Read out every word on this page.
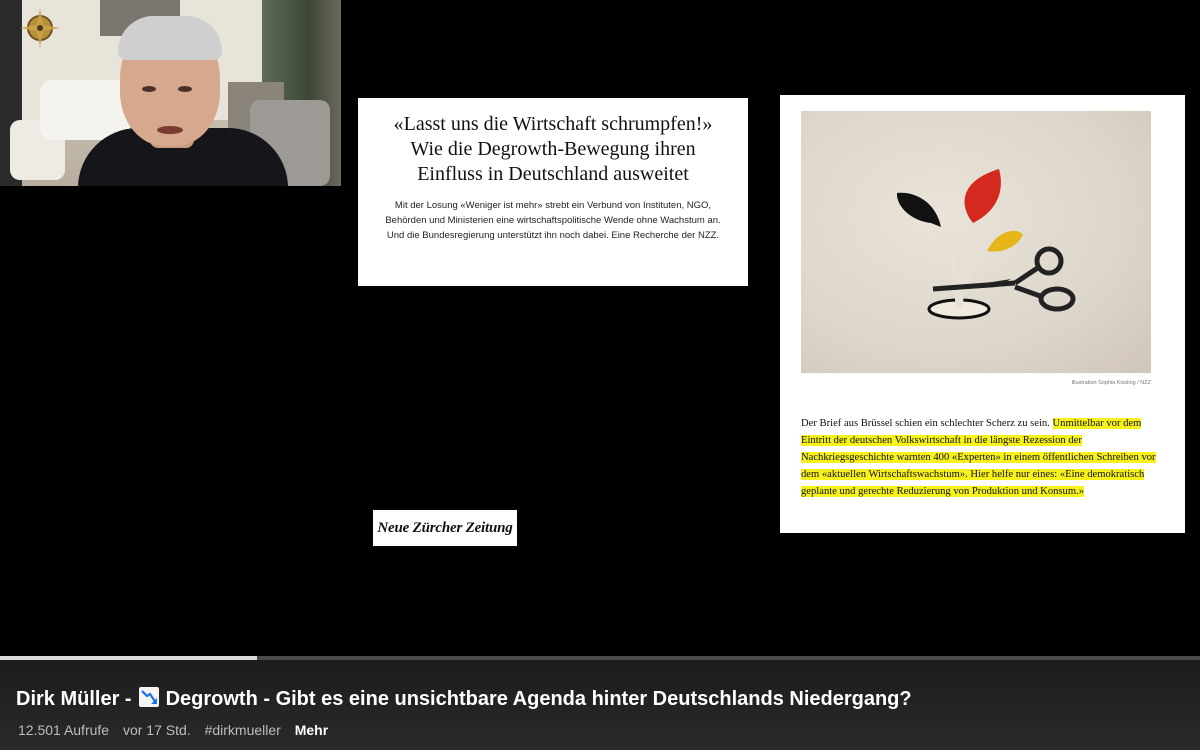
«Lasst uns die Wirtschaft schrumpfen!» Wie die Degrowth-Bewegung ihren Einfluss in Deutschland ausweitet

Mit der Losung «Weniger ist mehr» strebt ein Verbund von Instituten, NGO, Behörden und Ministerien eine wirtschaftspolitische Wende ohne Wachstum an. Und die Bundesregierung unterstützt ihn noch dabei. Eine Recherche der NZZ.

Neue Zürcher Zeitung
Illustration Sophia Kissling / NZZ
Der Brief aus Brüssel schien ein schlechter Scherz zu sein. Unmittelbar vor dem Eintritt der deutschen Volkswirtschaft in die längste Rezession der Nachkriegsgeschichte warnten 400 «Experten» in einem öffentlichen Schreiben vor dem «aktuellen Wirtschaftswachstum». Hier helfe nur eines: «Eine demokratisch geplante und gerechte Reduzierung von Produktion und Konsum.»
Dirk Müller - Degrowth - Gibt es eine unsichtbare Agenda hinter Deutschlands Niedergang?
12.501 Aufrufe vor 17 Std. #dirkmueller Mehr
